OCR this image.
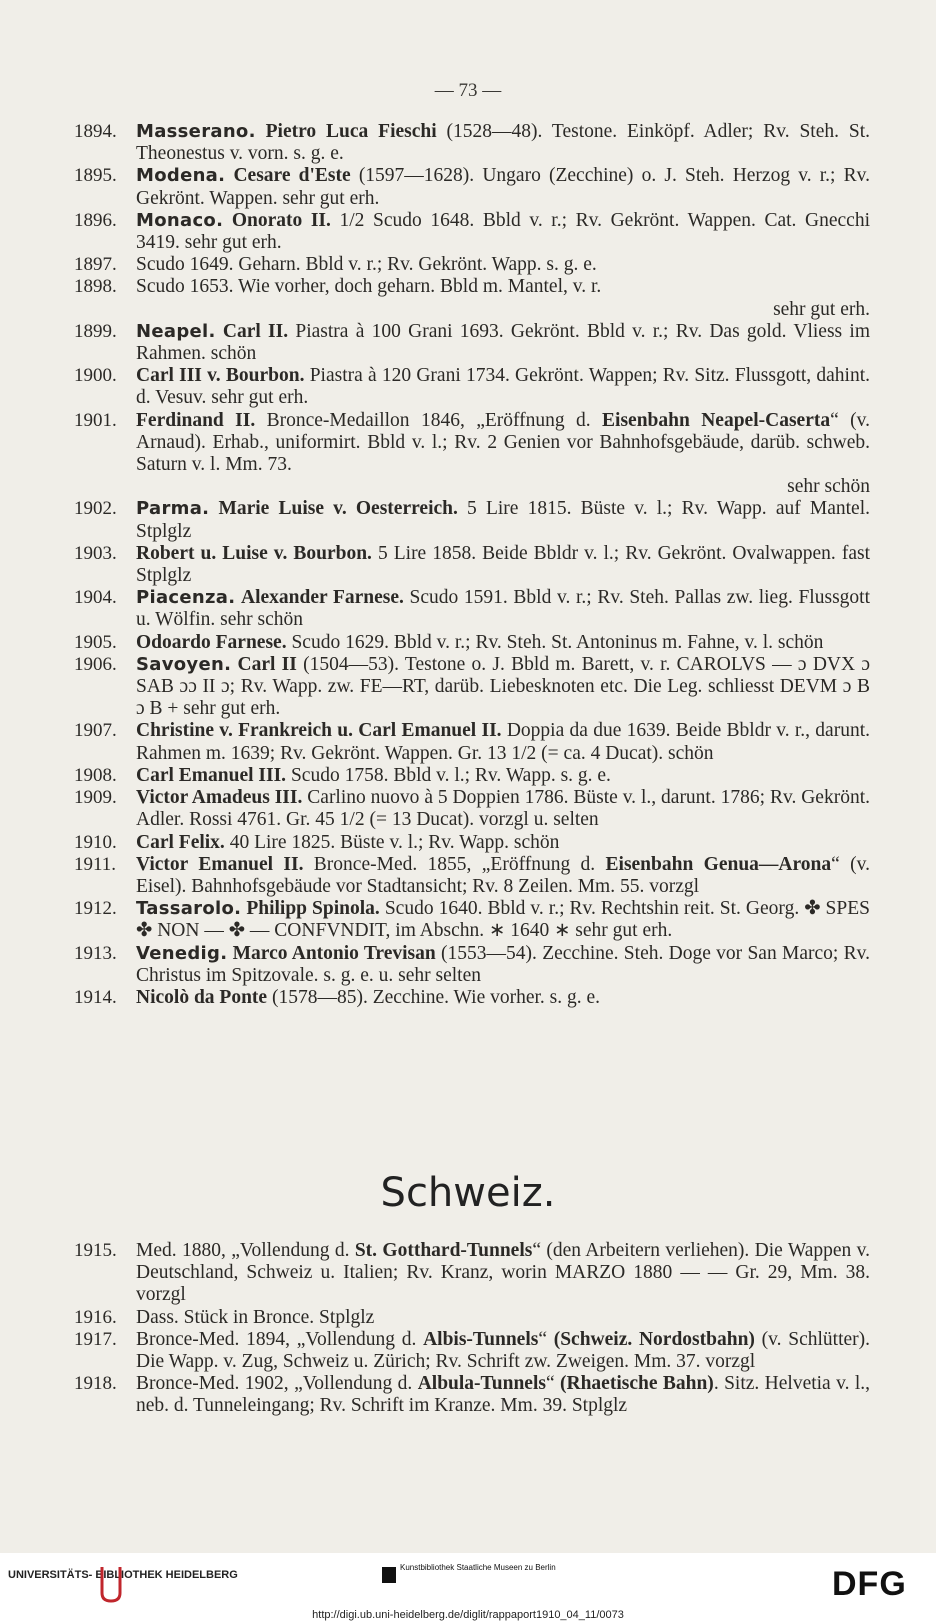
— 73 —
1894. Masserano. Pietro Luca Fieschi (1528—48). Testone. Einköpf. Adler; Rv. Steh. St. Theonestus v. vorn. s. g. e.
1895. Modena. Cesare d'Este (1597—1628). Ungaro (Zecchine) o. J. Steh. Herzog v. r.; Rv. Gekrönt. Wappen. sehr gut erh.
1896. Monaco. Onorato II. 1/2 Scudo 1648. Bbld v. r.; Rv. Gekrönt. Wappen. Cat. Gnecchi 3419. sehr gut erh.
1897. Scudo 1649. Geharn. Bbld v. r.; Rv. Gekrönt. Wapp. s. g. e.
1898. Scudo 1653. Wie vorher, doch geharn. Bbld m. Mantel, v. r.
sehr gut erh.
1899. Neapel. Carl II. Piastra à 100 Grani 1693. Gekrönt. Bbld v. r.; Rv. Das gold. Vliess im Rahmen. schön
1900. Carl III v. Bourbon. Piastra à 120 Grani 1734. Gekrönt. Wappen; Rv. Sitz. Flussgott, dahint. d. Vesuv. sehr gut erh.
1901. Ferdinand II. Bronce-Medaillon 1846, „Eröffnung d. Eisenbahn Neapel-Caserta“ (v. Arnaud). Erhab., uniformirt. Bbld v. l.; Rv. 2 Genien vor Bahnhofsgebäude, darüb. schweb. Saturn v. l. Mm. 73.
sehr schön
1902. Parma. Marie Luise v. Oesterreich. 5 Lire 1815. Büste v. l.; Rv. Wapp. auf Mantel. Stplglz
1903. Robert u. Luise v. Bourbon. 5 Lire 1858. Beide Bbldr v. l.; Rv. Gekrönt. Ovalwappen. fast Stplglz
1904. Piacenza. Alexander Farnese. Scudo 1591. Bbld v. r.; Rv. Steh. Pallas zw. lieg. Flussgott u. Wölfin. sehr schön
1905. Odoardo Farnese. Scudo 1629. Bbld v. r.; Rv. Steh. St. Antoninus m. Fahne, v. l. schön
1906. Savoyen. Carl II (1504—53). Testone o. J. Bbld m. Barett, v. r. CAROLVS — ɔ DVX ɔ SAB ɔɔ II ɔ; Rv. Wapp. zw. FE—RT, darüb. Liebesknoten etc. Die Leg. schliesst DEVM ɔ B ɔ B + sehr gut erh.
1907. Christine v. Frankreich u. Carl Emanuel II. Doppia da due 1639. Beide Bbldr v. r., darunt. Rahmen m. 1639; Rv. Gekrönt. Wappen. Gr. 13 1/2 (= ca. 4 Ducat). schön
1908. Carl Emanuel III. Scudo 1758. Bbld v. l.; Rv. Wapp. s. g. e.
1909. Victor Amadeus III. Carlino nuovo à 5 Doppien 1786. Büste v. l., darunt. 1786; Rv. Gekrönt. Adler. Rossi 4761. Gr. 45 1/2 (= 13 Ducat). vorzgl u. selten
1910. Carl Felix. 40 Lire 1825. Büste v. l.; Rv. Wapp. schön
1911. Victor Emanuel II. Bronce-Med. 1855, „Eröffnung d. Eisenbahn Genua—Arona“ (v. Eisel). Bahnhofsgebäude vor Stadtansicht; Rv. 8 Zeilen. Mm. 55. vorzgl
1912. Tassarolo. Philipp Spinola. Scudo 1640. Bbld v. r.; Rv. Rechtshin reit. St. Georg. ✤ SPES ✤ NON — ✤ — CONFVNDIT, im Abschn. ∗ 1640 ∗ sehr gut erh.
1913. Venedig. Marco Antonio Trevisan (1553—54). Zecchine. Steh. Doge vor San Marco; Rv. Christus im Spitzovale. s. g. e. u. sehr selten
1914. Nicolò da Ponte (1578—85). Zecchine. Wie vorher. s. g. e.
Schweiz.
1915. Med. 1880, „Vollendung d. St. Gotthard-Tunnels“ (den Arbeitern verliehen). Die Wappen v. Deutschland, Schweiz u. Italien; Rv. Kranz, worin MARZO 1880 — — Gr. 29, Mm. 38. vorzgl
1916. Dass. Stück in Bronce. Stplglz
1917. Bronce-Med. 1894, „Vollendung d. Albis-Tunnels“ (Schweiz. Nordostbahn) (v. Schlütter). Die Wapp. v. Zug, Schweiz u. Zürich; Rv. Schrift zw. Zweigen. Mm. 37. vorzgl
1918. Bronce-Med. 1902, „Vollendung d. Albula-Tunnels“ (Rhaetische Bahn). Sitz. Helvetia v. l., neb. d. Tunneleingang; Rv. Schrift im Kranze. Mm. 39. Stplglz
UNIVERSITÄTS- BIBLIOTHEK HEIDELBERG
Kunstbibliothek Staatliche Museen zu Berlin	DFG
http://digi.ub.uni-heidelberg.de/diglit/rappaport1910_04_11/0073
